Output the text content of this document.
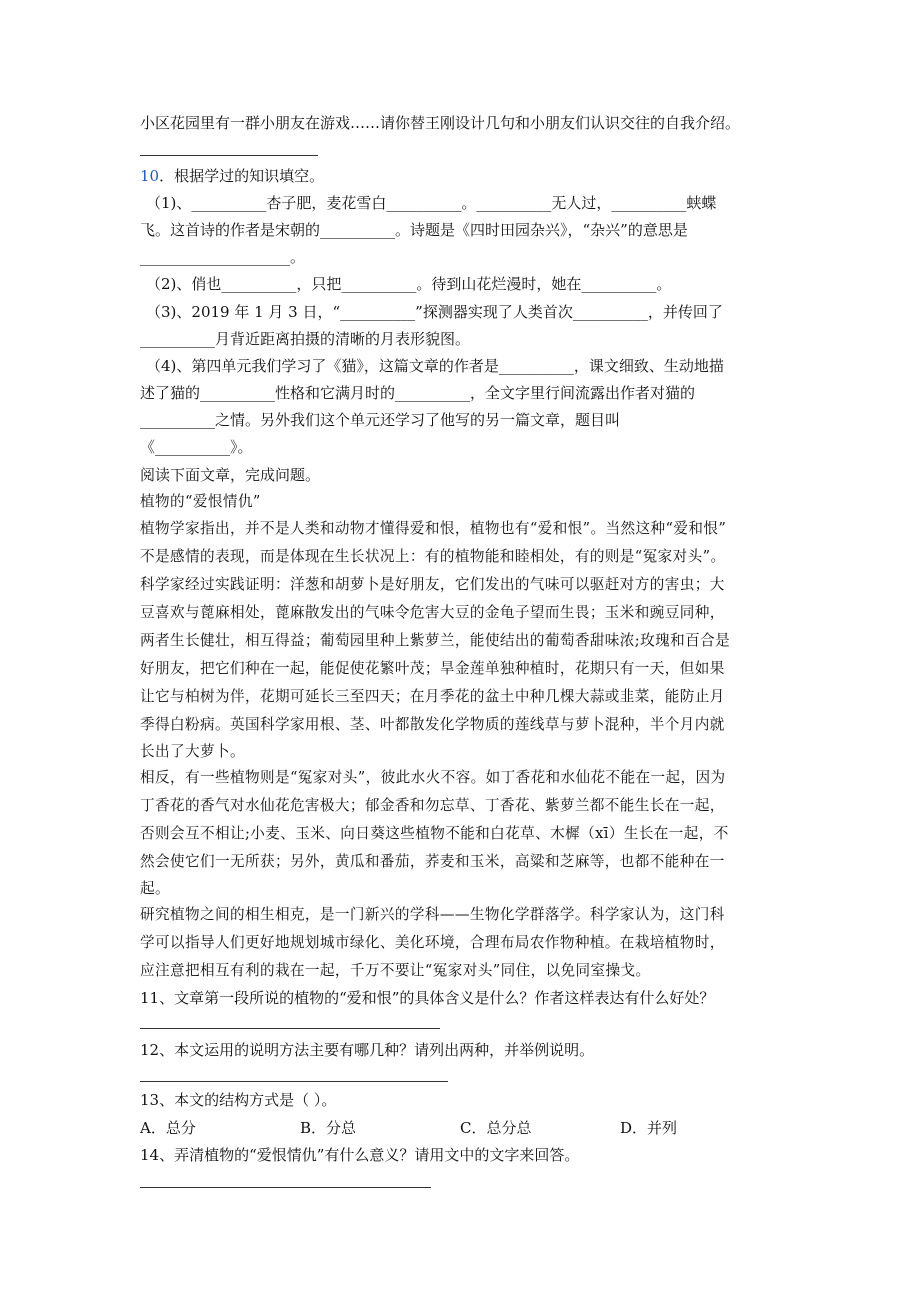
小区花园里有一群小朋友在游戏……请你替王刚设计几句和小朋友们认识交往的自我介绍。
10．根据学过的知识填空。
（1)、__________杏子肥，麦花雪白__________。__________无人过，__________蛱蝶
飞。这首诗的作者是宋朝的__________。诗题是《四时田园杂兴》，“杂兴”的意思是
____________________。
（2)、俏也__________，只把__________。待到山花烂漫时，她在__________。
（3)、2019 年 1 月 3 日，“__________”探测器实现了人类首次__________，并传回了
__________月背近距离拍摄的清晰的月表形貌图。
（4)、第四单元我们学习了《猫》，这篇文章的作者是__________，课文细致、生动地描
述了猫的__________性格和它满月时的__________，全文字里行间流露出作者对猫的
__________之情。另外我们这个单元还学习了他写的另一篇文章，题目叫
《__________》。
阅读下面文章，完成问题。
植物的“爱恨情仇”
植物学家指出，并不是人类和动物才懂得爱和恨，植物也有“爱和恨”。当然这种“爱和恨”
不是感情的表现，而是体现在生长状况上：有的植物能和睦相处，有的则是“冤家对头”。
科学家经过实践证明：洋葱和胡萝卜是好朋友，它们发出的气味可以驱赶对方的害虫；大
豆喜欢与蓖麻相处，蓖麻散发出的气味令危害大豆的金龟子望而生畏；玉米和豌豆同种，
两者生长健壮，相互得益；葡萄园里种上紫萝兰，能使结出的葡萄香甜味浓;玫瑰和百合是
好朋友，把它们种在一起，能促使花繁叶茂；旱金莲单独种植时，花期只有一天，但如果
让它与柏树为伴，花期可延长三至四天；在月季花的盆土中种几棵大蒜或韭菜，能防止月
季得白粉病。英国科学家用根、茎、叶都散发化学物质的莲线草与萝卜混种，半个月内就
长出了大萝卜。
相反，有一些植物则是“冤家对头”，彼此水火不容。如丁香花和水仙花不能在一起，因为
丁香花的香气对水仙花危害极大；郁金香和勿忘草、丁香花、紫萝兰都不能生长在一起，
否则会互不相让;小麦、玉米、向日葵这些植物不能和白花草、木樨（xī）生长在一起，不
然会使它们一无所获；另外，黄瓜和番茄，荞麦和玉米，高粱和芝麻等，也都不能种在一
起。
研究植物之间的相生相克，是一门新兴的学科——生物化学群落学。科学家认为，这门科
学可以指导人们更好地规划城市绿化、美化环境，合理布局农作物种植。在栽培植物时，
应注意把相互有利的栽在一起，千万不要让“冤家对头”同住，以免同室操戈。
11、文章第一段所说的植物的“爱和恨”的具体含义是什么？作者这样表达有什么好处？
12、本文运用的说明方法主要有哪几种？请列出两种，并举例说明。
13、本文的结构方式是（ ）。
A．总分	B．分总	C．总分总	D．并列
14、弄清植物的“爱恨情仇”有什么意义？请用文中的文字来回答。
